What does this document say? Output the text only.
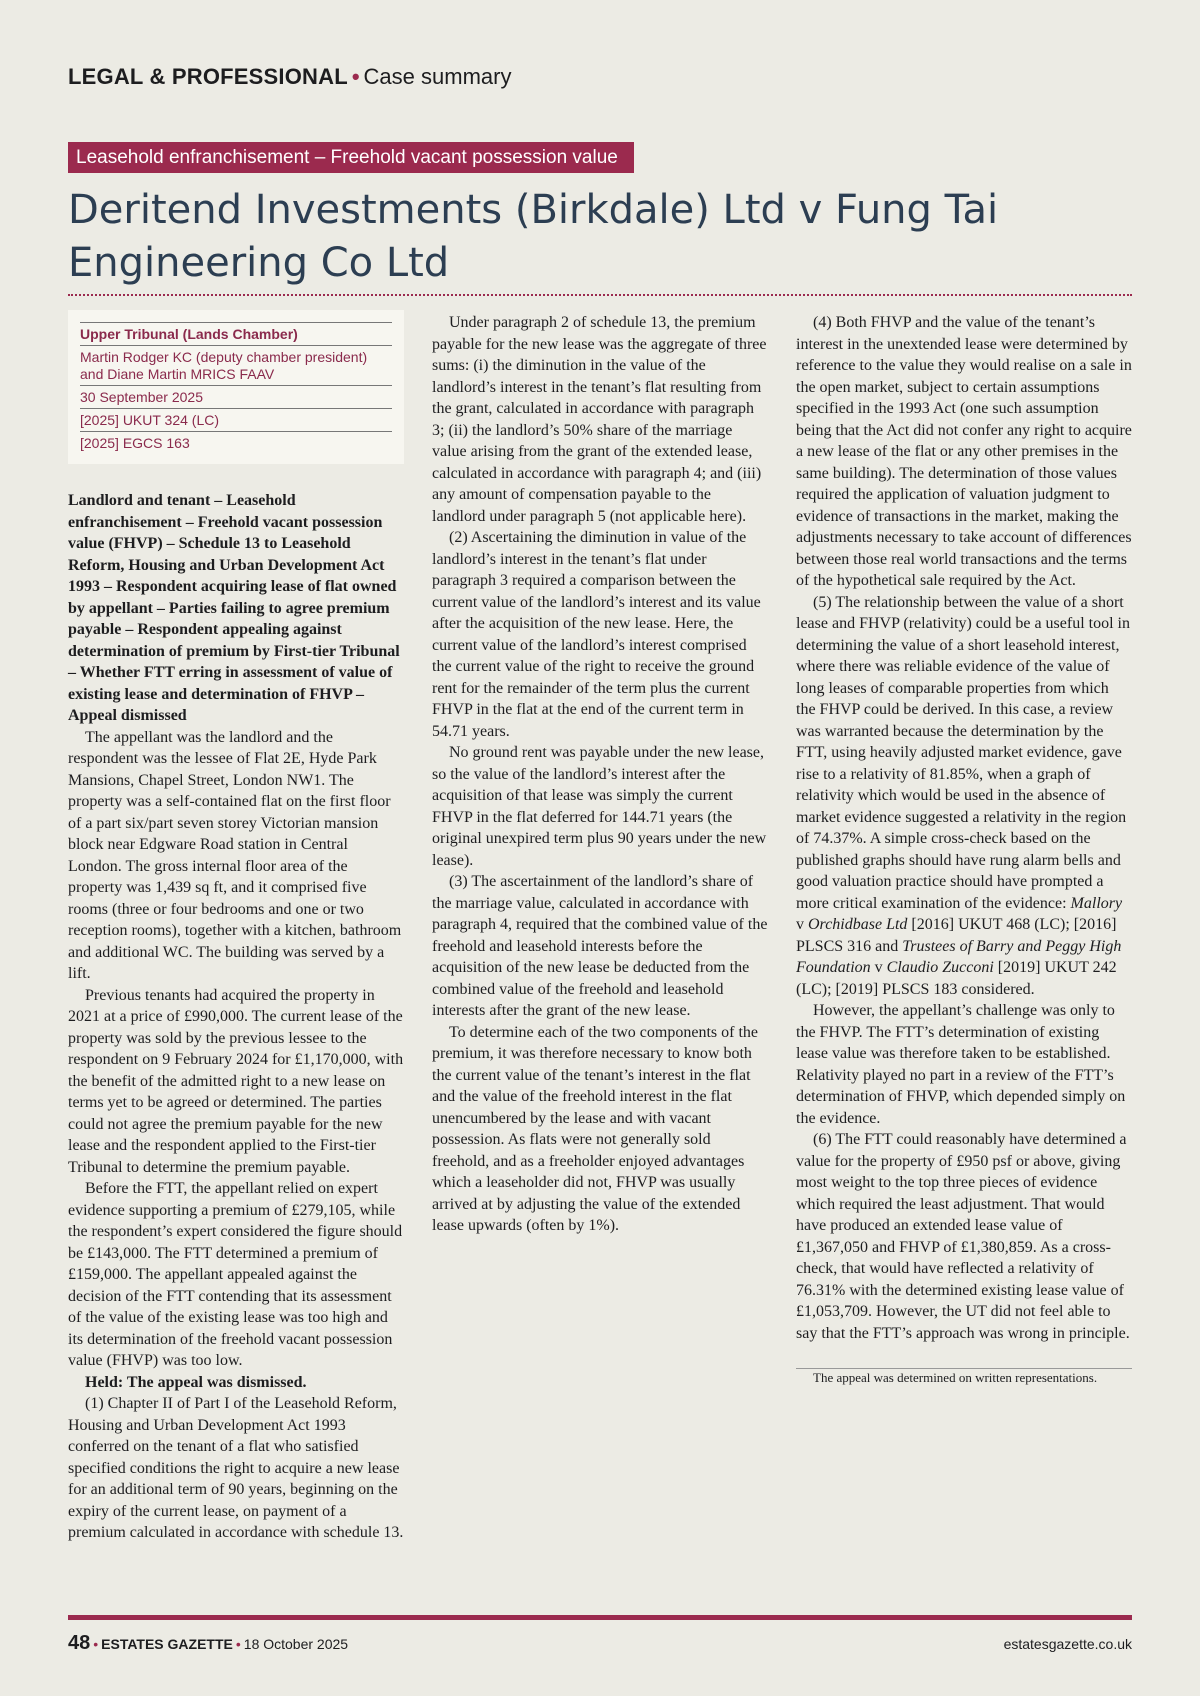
LEGAL & PROFESSIONAL • Case summary
Leasehold enfranchisement – Freehold vacant possession value
Deritend Investments (Birkdale) Ltd v Fung Tai Engineering Co Ltd
Upper Tribunal (Lands Chamber)
Martin Rodger KC (deputy chamber president) and Diane Martin MRICS FAAV
30 September 2025
[2025] UKUT 324 (LC)
[2025] EGCS 163

Landlord and tenant – Leasehold enfranchisement – Freehold vacant possession value (FHVP) – Schedule 13 to Leasehold Reform, Housing and Urban Development Act 1993 – Respondent acquiring lease of flat owned by appellant – Parties failing to agree premium payable – Respondent appealing against determination of premium by First-tier Tribunal – Whether FTT erring in assessment of value of existing lease and determination of FHVP – Appeal dismissed

The appellant was the landlord and the respondent was the lessee of Flat 2E, Hyde Park Mansions, Chapel Street, London NW1. The property was a self-contained flat on the first floor of a part six/part seven storey Victorian mansion block near Edgware Road station in Central London. The gross internal floor area of the property was 1,439 sq ft, and it comprised five rooms (three or four bedrooms and one or two reception rooms), together with a kitchen, bathroom and additional WC. The building was served by a lift.

Previous tenants had acquired the property in 2021 at a price of £990,000. The current lease of the property was sold by the previous lessee to the respondent on 9 February 2024 for £1,170,000, with the benefit of the admitted right to a new lease on terms yet to be agreed or determined. The parties could not agree the premium payable for the new lease and the respondent applied to the First-tier Tribunal to determine the premium payable.

Before the FTT, the appellant relied on expert evidence supporting a premium of £279,105, while the respondent’s expert considered the figure should be £143,000. The FTT determined a premium of £159,000. The appellant appealed against the decision of the FTT contending that its assessment of the value of the existing lease was too high and its determination of the freehold vacant possession value (FHVP) was too low.

Held: The appeal was dismissed.

(1) Chapter II of Part I of the Leasehold Reform, Housing and Urban Development Act 1993 conferred on the tenant of a flat who satisfied specified conditions the right to acquire a new lease for an additional term of 90 years, beginning on the expiry of the current lease, on payment of a premium calculated in accordance with schedule 13.

Under paragraph 2 of schedule 13, the premium payable for the new lease was the aggregate of three sums: (i) the diminution in the value of the landlord’s interest in the tenant’s flat resulting from the grant, calculated in accordance with paragraph 3; (ii) the landlord’s 50% share of the marriage value arising from the grant of the extended lease, calculated in accordance with paragraph 4; and (iii) any amount of compensation payable to the landlord under paragraph 5 (not applicable here).

(2) Ascertaining the diminution in value of the landlord’s interest in the tenant’s flat under paragraph 3 required a comparison between the current value of the landlord’s interest and its value after the acquisition of the new lease. Here, the current value of the landlord’s interest comprised the current value of the right to receive the ground rent for the remainder of the term plus the current FHVP in the flat at the end of the current term in 54.71 years.

No ground rent was payable under the new lease, so the value of the landlord’s interest after the acquisition of that lease was simply the current FHVP in the flat deferred for 144.71 years (the original unexpired term plus 90 years under the new lease).

(3) The ascertainment of the landlord’s share of the marriage value, calculated in accordance with paragraph 4, required that the combined value of the freehold and leasehold interests before the acquisition of the new lease be deducted from the combined value of the freehold and leasehold interests after the grant of the new lease.

To determine each of the two components of the premium, it was therefore necessary to know both the current value of the tenant’s interest in the flat and the value of the freehold interest in the flat unencumbered by the lease and with vacant possession. As flats were not generally sold freehold, and as a freeholder enjoyed advantages which a leaseholder did not, FHVP was usually arrived at by adjusting the value of the extended lease upwards (often by 1%).

(4) Both FHVP and the value of the tenant’s interest in the unextended lease were determined by reference to the value they would realise on a sale in the open market, subject to certain assumptions specified in the 1993 Act (one such assumption being that the Act did not confer any right to acquire a new lease of the flat or any other premises in the same building). The determination of those values required the application of valuation judgment to evidence of transactions in the market, making the adjustments necessary to take account of differences between those real world transactions and the terms of the hypothetical sale required by the Act.

(5) The relationship between the value of a short lease and FHVP (relativity) could be a useful tool in determining the value of a short leasehold interest, where there was reliable evidence of the value of long leases of comparable properties from which the FHVP could be derived. In this case, a review was warranted because the determination by the FTT, using heavily adjusted market evidence, gave rise to a relativity of 81.85%, when a graph of relativity which would be used in the absence of market evidence suggested a relativity in the region of 74.37%. A simple cross-check based on the published graphs should have rung alarm bells and good valuation practice should have prompted a more critical examination of the evidence: Mallory v Orchidbase Ltd [2016] UKUT 468 (LC); [2016] PLSCS 316 and Trustees of Barry and Peggy High Foundation v Claudio Zucconi [2019] UKUT 242 (LC); [2019] PLSCS 183 considered.

However, the appellant’s challenge was only to the FHVP. The FTT’s determination of existing lease value was therefore taken to be established. Relativity played no part in a review of the FTT’s determination of FHVP, which depended simply on the evidence.

(6) The FTT could reasonably have determined a value for the property of £950 psf or above, giving most weight to the top three pieces of evidence which required the least adjustment. That would have produced an extended lease value of £1,367,050 and FHVP of £1,380,859. As a cross-check, that would have reflected a relativity of 76.31% with the determined existing lease value of £1,053,709. However, the UT did not feel able to say that the FTT’s approach was wrong in principle.

The appeal was determined on written representations.

48 • ESTATES GAZETTE • 18 October 2025	estatesgazette.co.uk
